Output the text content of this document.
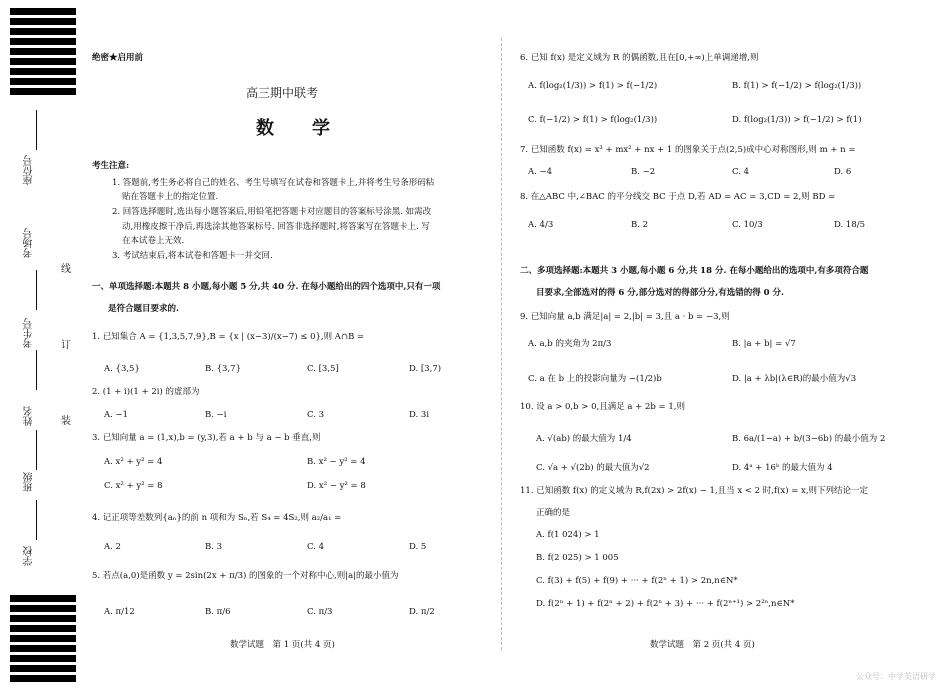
座位号
考场号
考生号
姓名
班级
学校
线
订
装
绝密★启用前
高三期中联考
数　学
考生注意:
1. 答题前,考生务必将自己的姓名、考生号填写在试卷和答题卡上,并将考生号条形码粘
贴在答题卡上的指定位置.
2. 回答选择题时,选出每小题答案后,用铅笔把答题卡对应题目的答案标号涂黑. 如需改
动,用橡皮擦干净后,再选涂其他答案标号. 回答非选择题时,将答案写在答题卡上. 写
在本试卷上无效.
3. 考试结束后,将本试卷和答题卡一并交回.
一、单项选择题:本题共 8 小题,每小题 5 分,共 40 分. 在每小题给出的四个选项中,只有一项
是符合题目要求的.
1. 已知集合 A = {1,3,5,7,9},B = {x | (x−3)/(x−7) ≤ 0},则 A∩B =
A. {3,5}	B. {3,7}	C. [3,5]	D. [3,7)
2. (1 + i)(1 + 2i) 的虚部为
A. −1	B. −i	C. 3	D. 3i
3. 已知向量 a = (1,x),b = (y,3),若 a + b 与 a − b 垂直,则
A. x² + y² = 4	B. x² − y² = 4
C. x² + y² = 8	D. x² − y² = 8
4. 记正项等差数列{aₙ}的前 n 项和为 Sₙ,若 S₄ = 4S₂,则 a₂/a₁ =
A. 2	B. 3	C. 4	D. 5
5. 若点(a,0)是函数 y = 2sin(2x + π/3) 的图象的一个对称中心,则|a|的最小值为
A. π/12	B. π/6	C. π/3	D. π/2
数学试题　第 1 页(共 4 页)
6. 已知 f(x) 是定义域为 R 的偶函数,且在[0,+∞)上单调递增,则
A. f(log₂(1/3)) > f(1) > f(−1/2)	B. f(1) > f(−1/2) > f(log₂(1/3))
C. f(−1/2) > f(1) > f(log₂(1/3))	D. f(log₂(1/3)) > f(−1/2) > f(1)
7. 已知函数 f(x) = x³ + mx² + nx + 1 的图象关于点(2,5)成中心对称图形,则 m + n =
A. −4	B. −2	C. 4	D. 6
8. 在△ABC 中,∠BAC 的平分线交 BC 于点 D,若 AD = AC = 3,CD = 2,则 BD =
A. 4/3	B. 2	C. 10/3	D. 18/5
二、多项选择题:本题共 3 小题,每小题 6 分,共 18 分. 在每小题给出的选项中,有多项符合题
目要求,全部选对的得 6 分,部分选对的得部分分,有选错的得 0 分.
9. 已知向量 a,b 满足|a| = 2,|b| = 3,且 a · b = −3,则
A. a,b 的夹角为 2π/3	B. |a + b| = √7
C. a 在 b 上的投影向量为 −(1/2)b	D. |a + λb|(λ∈R)的最小值为√3
10. 设 a > 0,b > 0,且满足 a + 2b = 1,则
A. √(ab) 的最大值为 1/4	B. 6a/(1−a) + b/(3−6b) 的最小值为 2
C. √a + √(2b) 的最大值为√2	D. 4ᵃ + 16ᵇ 的最大值为 4
11. 已知函数 f(x) 的定义域为 R,f(2x) > 2f(x) − 1,且当 x < 2 时,f(x) = x,则下列结论一定
正确的是
A. f(1 024) > 1
B. f(2 025) > 1 005
C. f(3) + f(5) + f(9) + ··· + f(2ⁿ + 1) > 2n,n∈N*
D. f(2ⁿ + 1) + f(2ⁿ + 2) + f(2ⁿ + 3) + ··· + f(2ⁿ⁺¹) > 2²ⁿ,n∈N*
数学试题　第 2 页(共 4 页)
公众号：中学英语研学
